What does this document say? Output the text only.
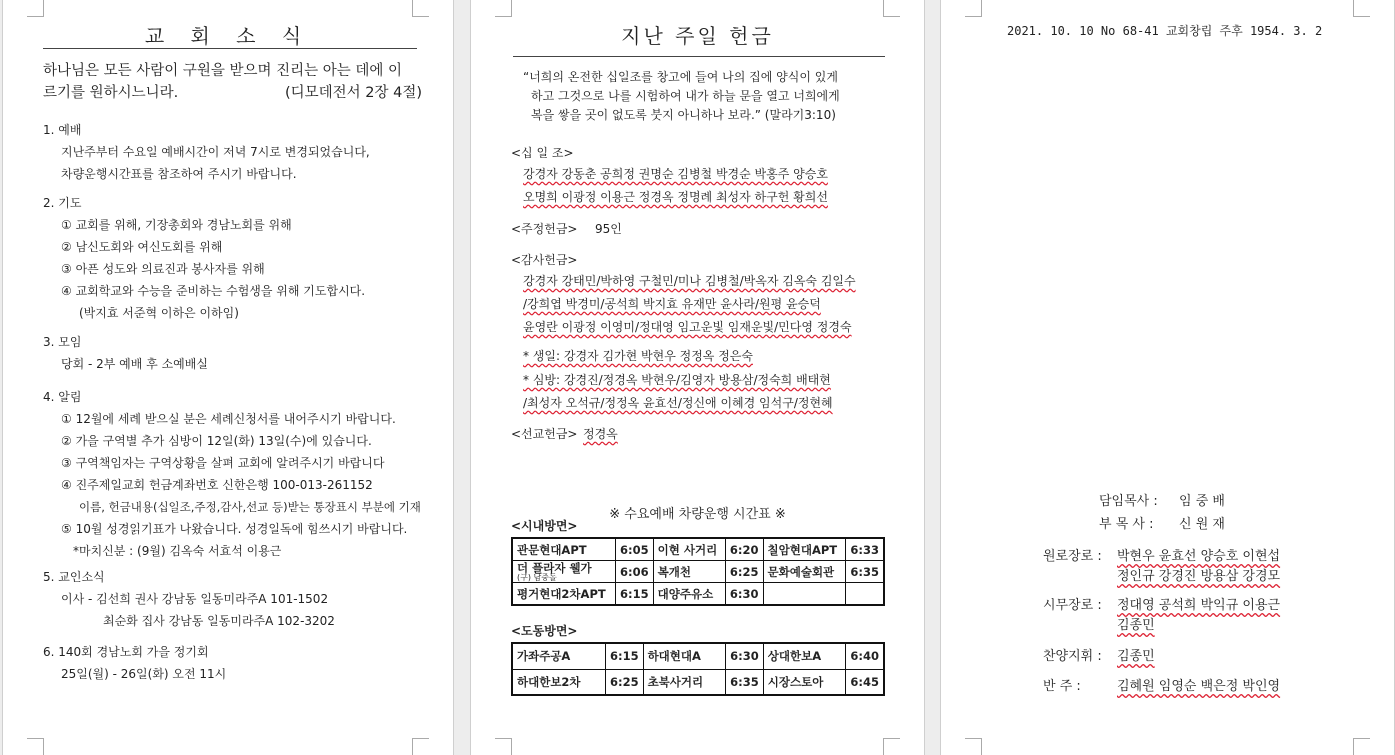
교 회 소 식
하나님은 모든 사람이 구원을 받으며 진리는 아는 데에 이
르기를 원하시느니라.	(디모데전서 2장 4절)
1. 예배
지난주부터 수요일 예배시간이 저녁 7시로 변경되었습니다,
차량운행시간표를 참조하여 주시기 바랍니다.
2. 기도
① 교회를 위해, 기장총회와 경남노회를 위해
② 남신도회와 여신도회를 위해
③ 아픈 성도와 의료진과 봉사자를 위해
④ 교회학교와 수능을 준비하는 수험생을 위해 기도합시다.
(박지효 서준혁 이하은 이하임)
3. 모임
당회 - 2부 예배 후 소예배실
4. 알림
① 12월에 세례 받으실 분은 세례신청서를 내어주시기 바랍니다.
② 가을 구역별 추가 심방이 12일(화) 13일(수)에 있습니다.
③ 구역책임자는 구역상황을 살펴 교회에 알려주시기 바랍니다
④ 진주제일교회 헌금계좌번호 신한은행 100-013-261152
이름, 헌금내용(십일조,주정,감사,선교 등)받는 통장표시 부분에 기재
⑤ 10월 성경읽기표가 나왔습니다. 성경일독에 힘쓰시기 바랍니다.
*마치신분 : (9월) 김옥숙 서효석 이용근
5. 교인소식
이사 - 김선희 권사 강남동 일동미라주A 101-1502
최순화 집사 강남동 일동미라주A 102-3202
6. 140회 경남노회 가을 정기회
25일(월) - 26일(화) 오전 11시
지난 주일 헌금
“너희의 온전한 십일조를 창고에 들여 나의 집에 양식이 있게
하고 그것으로 나를 시험하여 내가 하늘 문을 열고 너희에게
복을 쌓을 곳이 없도록 붓지 아니하나 보라.” (말라기3:10)
<십 일 조>
강경자 강동춘 공희정 권명순 김병철 박경순 박홍주 양승호
오명희 이광정 이용근 정경옥 정명례 최성자 하구헌 황희선
<주정헌금> 95인
<감사헌금>
강경자 강태민/박하영 구철민/미나 김병철/박옥자 김옥숙 김일수
/강희엽 박경미/공석희 박지효 유재만 윤사라/원평 윤승덕
윤영란 이광정 이영미/정대영 임고운빛 임재운빛/민다영 정경숙
* 생일: 강경자 김가현 박현우 정정옥 정은숙
* 심방: 강경진/정경옥 박현우/김영자 방용삼/정숙희 배태현
/최성자 오석규/정정옥 윤효선/정신애 이혜경 임석구/정현혜
<선교헌금> 정경옥
※ 수요예배 차량운행 시간표 ※
<시내방면>
관문현대APT	6:05	이현 사거리	6:20	칠암현대APT	6:33
더 플라자 웰가
(구) 남중돌	6:06	복개천	6:25	문화예술회관	6:35
평거현대2차APT	6:15	대양주유소	6:30		
<도동방면>
가좌주공A	6:15	하대현대A	6:30	상대한보A	6:40
하대한보2차	6:25	초북사거리	6:35	시장스토아	6:45
2021. 10. 10 No 68-41 교회창립 주후 1954. 3. 2
담임목사 : 임 중 배
부 목 사 : 신 원 재
원로장로 : 박현우 윤효선 양승호 이현섭
정인규 강경진 방용삼 강경모
시무장로 : 정대영 공석희 박익규 이용근
김종민
찬양지휘 : 김종민
반 주 :	김혜원 임영순 백은정 박인영
